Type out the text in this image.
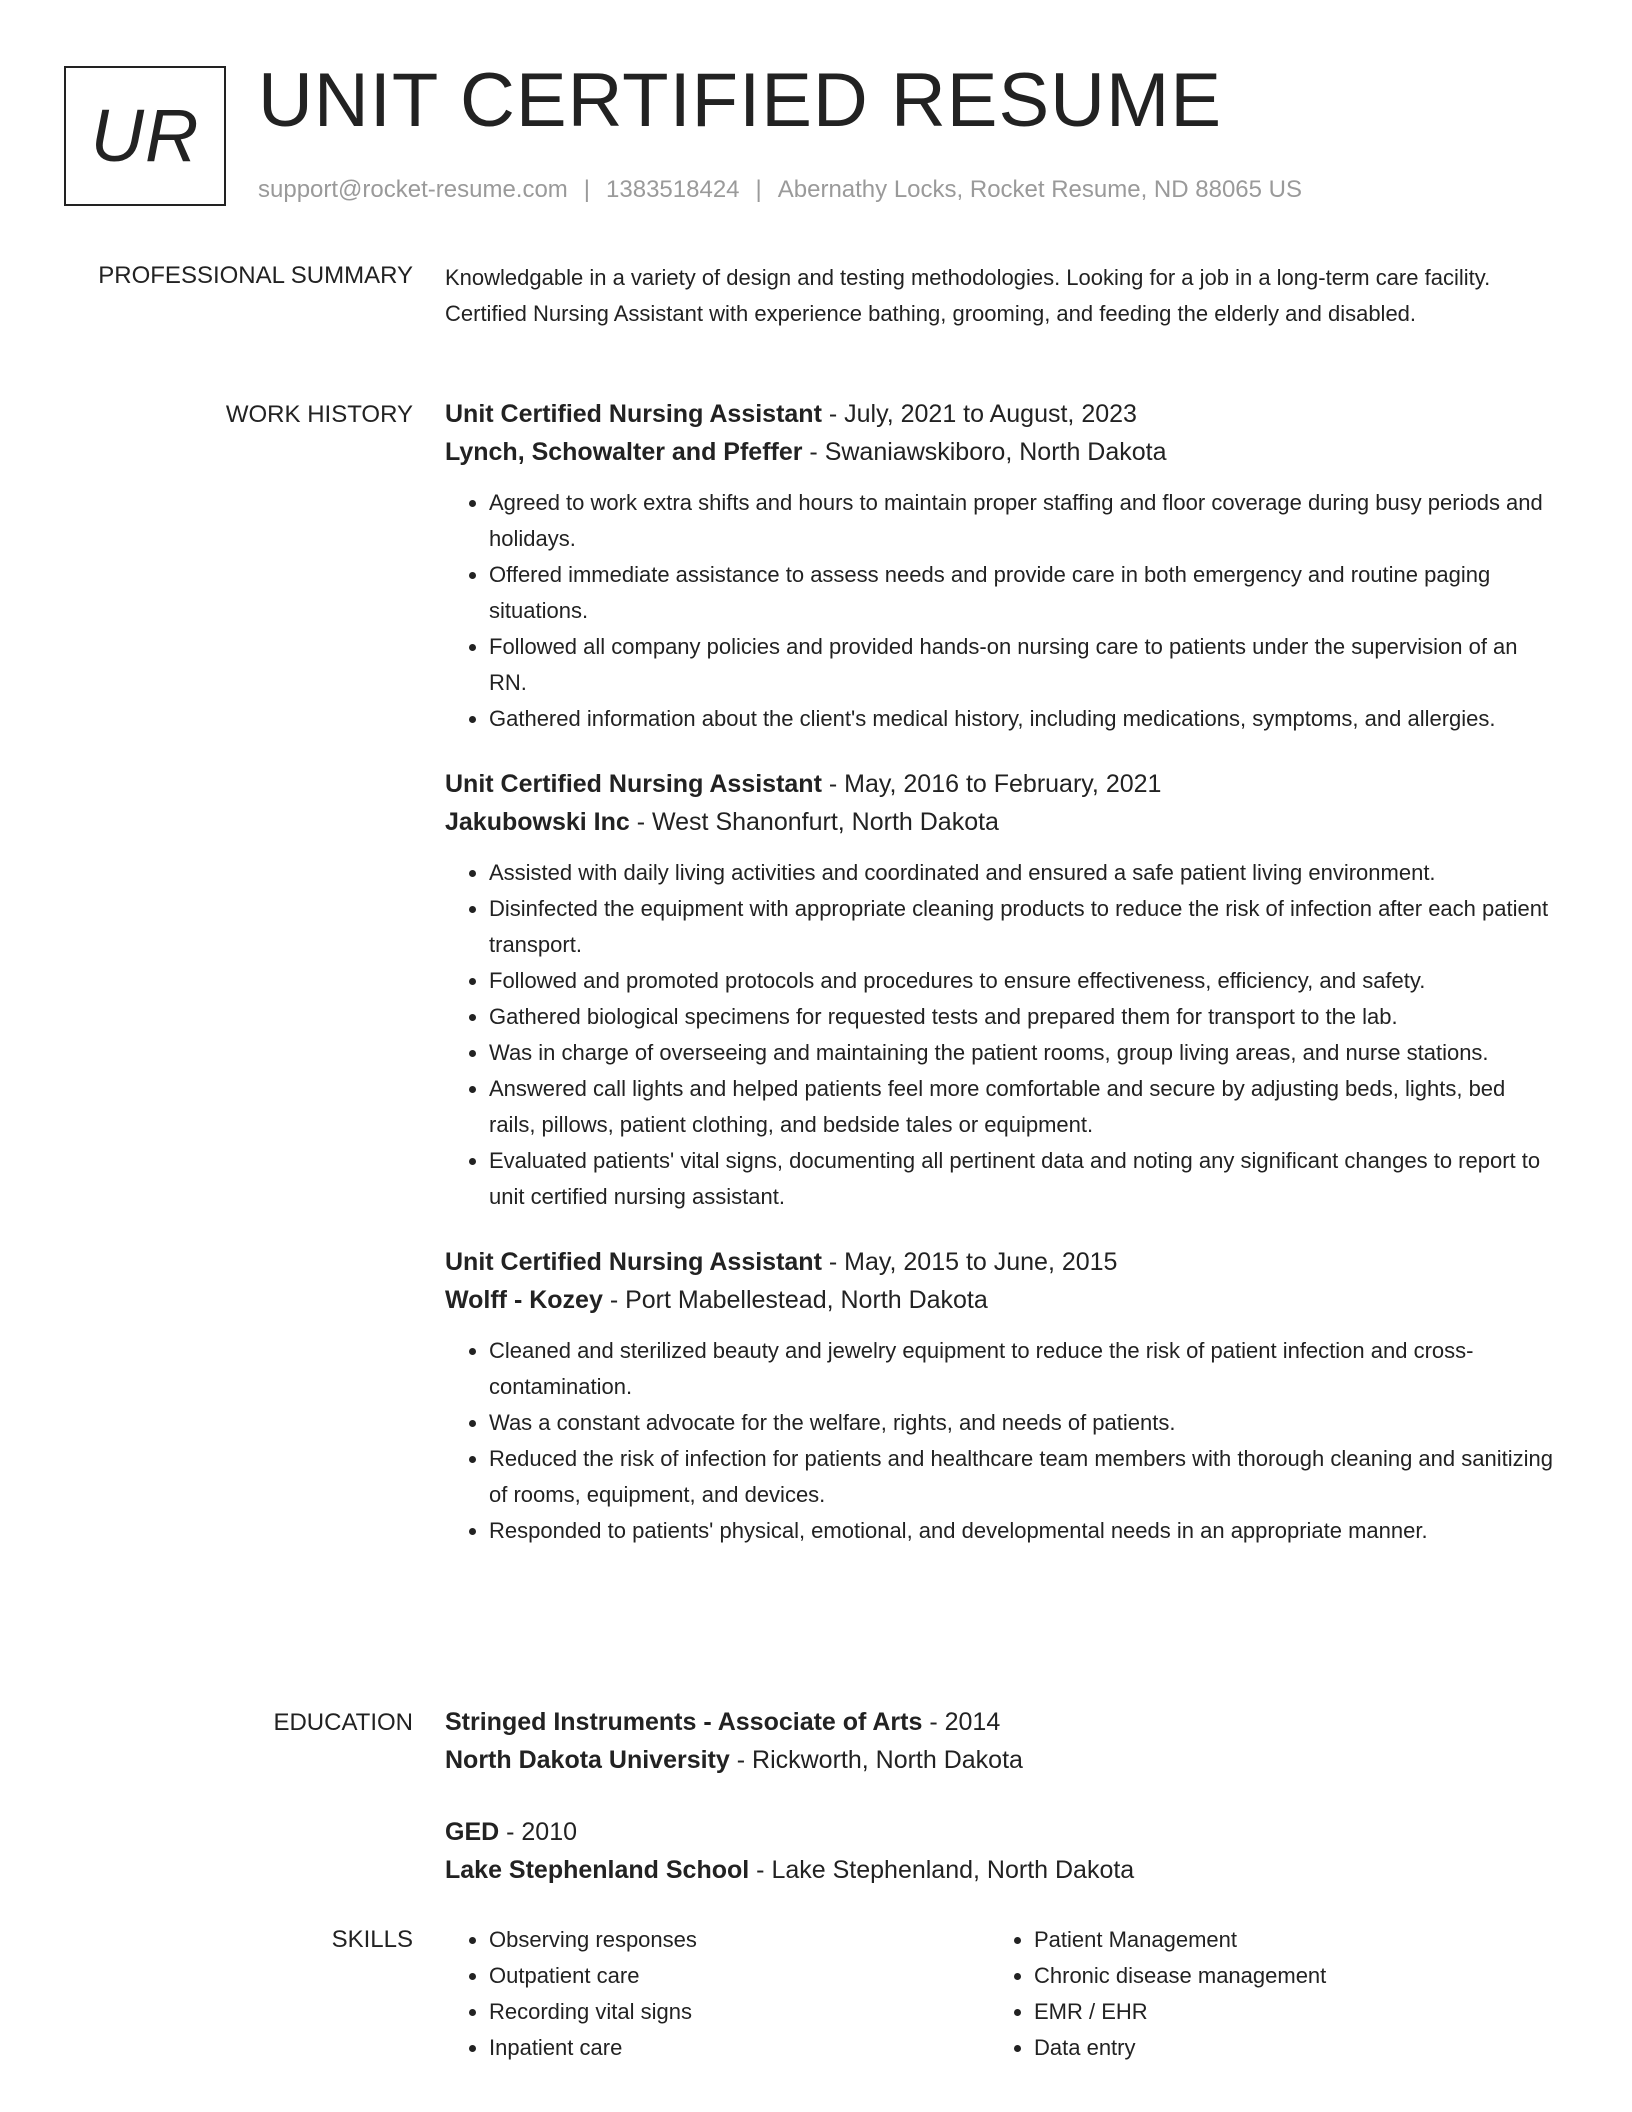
UR UNIT CERTIFIED RESUME
support@rocket-resume.com | 1383518424 | Abernathy Locks, Rocket Resume, ND 88065 US
PROFESSIONAL SUMMARY Knowledgable in a variety of design and testing methodologies. Looking for a job in a long-term care facility. Certified Nursing Assistant with experience bathing, grooming, and feeding the elderly and disabled.

WORK HISTORY Unit Certified Nursing Assistant - July, 2021 to August, 2023

Lynch, Schowalter and Pfeffer - Swaniawskiboro, North Dakota

• Agreed to work extra shifts and hours to maintain proper staffing and floor coverage during busy periods and holidays.
• Offered immediate assistance to assess needs and provide care in both emergency and routine paging situations.
• Followed all company policies and provided hands-on nursing care to patients under the supervision of an RN.
• Gathered information about the client's medical history, including medications, symptoms, and allergies.

Unit Certified Nursing Assistant - May, 2016 to February, 2021

Jakubowski Inc - West Shanonfurt, North Dakota

• Assisted with daily living activities and coordinated and ensured a safe patient living environment.
• Disinfected the equipment with appropriate cleaning products to reduce the risk of infection after each patient transport.
• Followed and promoted protocols and procedures to ensure effectiveness, efficiency, and safety.
• Gathered biological specimens for requested tests and prepared them for transport to the lab.
• Was in charge of overseeing and maintaining the patient rooms, group living areas, and nurse stations.
• Answered call lights and helped patients feel more comfortable and secure by adjusting beds, lights, bed rails, pillows, patient clothing, and bedside tales or equipment.
• Evaluated patients' vital signs, documenting all pertinent data and noting any significant changes to report to unit certified nursing assistant.

Unit Certified Nursing Assistant - May, 2015 to June, 2015

Wolff - Kozey - Port Mabellestead, North Dakota

• Cleaned and sterilized beauty and jewelry equipment to reduce the risk of patient infection and cross-contamination.
• Was a constant advocate for the welfare, rights, and needs of patients.
• Reduced the risk of infection for patients and healthcare team members with thorough cleaning and sanitizing of rooms, equipment, and devices.
• Responded to patients' physical, emotional, and developmental needs in an appropriate manner.
EDUCATION Stringed Instruments - Associate of Arts - 2014

North Dakota University - Rickworth, North Dakota

GED - 2010

Lake Stephenland School - Lake Stephenland, North Dakota

SKILLS
•	Observing responses
• Outpatient care
• Recording vital signs
• Inpatient care
• Patient Management
• Chronic disease management
• EMR / EHR
• Data entry
